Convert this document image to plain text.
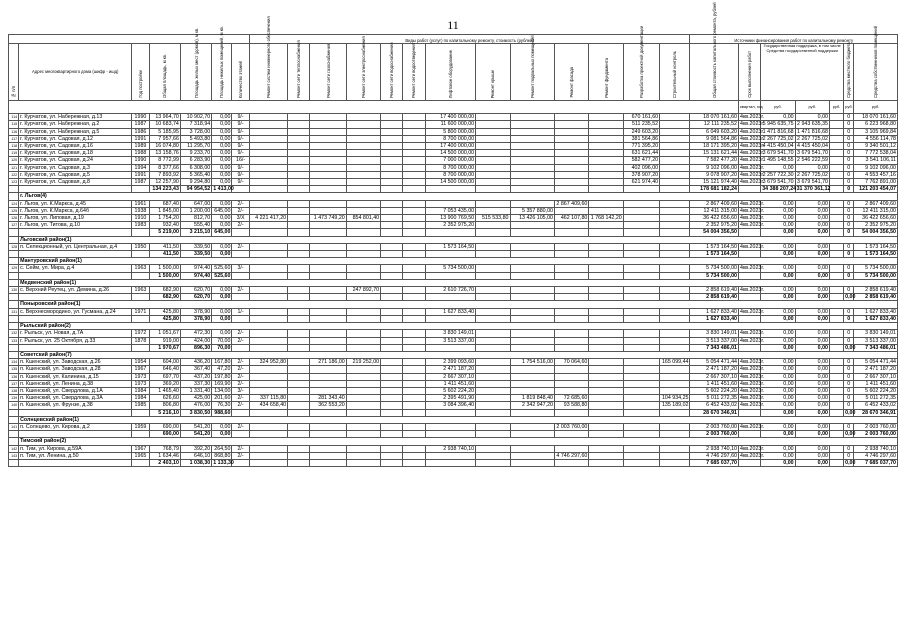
11
							Виды работ (услуг) по капитальному ремонту, стоимость (рублей)													Источники финансирования работ по капитальному ремонту						
№ п/п	Адрес многоквартирного дома (шифр - ишд)	Год постройки	Общая площадь, м кв.	Площадь жилых мест (домов), м кв.	Площадь нежилых помещений, м кв.	Количество этажей	Ремонт систем инженерного обеспечения	Ремонт сети теплоснабжения	Ремонт сети газоснабжения	Ремонт сети электроснабжения	Ремонт сети водоснабжения	Ремонт сети водоотведения	Лифтовое оборудование	Ремонт крыши	Ремонт подвальных помещений	Ремонт фасада	Ремонт фундамента	Разработка проектной документации	Строительный контроль	Общая стоимость капитального ремонта, рублей	Срок выполнения работ	Государственная поддержка, в том числе
Средства государственной поддержки			Средства местного бюджета	Средства собственников помещений
																					квартал, год	руб.	руб.	руб.	руб.	руб.
114	г. Курчатов, ул. Набережная, д.13	1990	13 964,70	10 902,70	0,00	9/-							17 400 000,00					670 161,60		18 070 161,60	4кв.2023г.	0,00	0,00		0	18 070 161,60
115	г. Курчатов, ул. Набережная, д.2	1987	10 683,74	7 318,94	0,00	9/-							11 600 000,00					511 235,52		12 111 235,52	4кв.2023г.	5 945 635,75	2 943 635,35		0	6 223 968,80
116	г. Курчатов, ул. Набережная, д.5	1986	5 185,95	3 728,00	0,00	9/-							5 800 000,00					249 603,20		6 049 603,20	4кв.2023г.	1 471 816,68	1 471 816,68		0	3 105 969,84
117	г. Курчатов, ул. Садовая, д.12	1991	7 957,66	5 493,80	0,00	9/-							8 700 000,00					381 564,86		9 081 564,86	4кв.2023г.	2 267 725,02	2 267 725,02		0	4 556 114,78
118	г. Курчатов, ул. Садовая, д.16	1989	16 074,80	11 295,70	0,00	9/-							17 400 000,00					771 395,20		18 171 395,20	4кв.2023г.	4 415 450,04	4 415 450,04		0	9 340 501,12
119	г. Курчатов, ул. Садовая, д.18	1988	13 158,76	9 233,70	0,00	9/-							14 500 000,00					631 621,44		15 131 621,44	4кв.2023г.	3 679 541,70	3 679 541,70		0	7 772 538,04
120	г. Курчатов, ул. Садовая, д.24	1990	8 772,99	6 283,90	0,00	16/-							7 000 000,00					582 477,20		7 582 477,20	4кв.2023г.	1 495 148,55	2 546 222,59		0	3 541 106,11
121	г. Курчатов, ул. Садовая, д.3	1994	8 377,66	6 308,00	0,00	9/-							8 700 000,00					402 096,00		9 102 096,00	4кв.2023г.	0,00	0,00		0	9 102 096,00
122	г. Курчатов, ул. Садовая, д.5	1991	7 893,92	5 365,40	0,00	9/-							8 700 000,00					378 907,20		9 078 907,20	4кв.2023г.	2 257 722,30	2 267 725,02		0	4 553 457,16
123	г. Курчатов, ул. Садовая, д.8	1987	12 257,90	9 294,80	0,00	9/-							14 500 000,00					621 974,40		15 121 974,40	4кв.2023г.	3 679 541,70	3 679 541,70		0	7 762 891,00
			134 223,43	94 954,52	1 413,00															178 681 182,24		34 388 207,24	31 370 361,12		0	121 203 454,07
	г. Льгов(4)																									
124	г. Льгов, ул. К.Маркса, д.45	1961	687,40	647,00	0,00	2/-										2 867 409,60				2 867 409,60	4кв.2023г.	0,00	0,00		0	2 867 409,60
125	г. Льгов, ул. К.Маркса, д.64б	1938	1 845,00	1 200,00	645,00	2/-							7 053 435,00		5 357 880,00					12 411 315,00	4кв.2023г.	0,00	0,00		0	12 411 315,00
126	г. Льгов, ул. Липовая, д.19	1910	1 754,20	812,70	0,00	3/Х	4 221 417,20		1 473 749,20	854 801,40			13 900 769,50	515 533,80	13 426 105,00	462 107,80	1 768 142,20			36 422 656,60	4кв.2023г.	0,00	0,00		0	36 422 656,60
127	г. Льгов, ул. Титова, д.10	1983	932,40	555,40	0,00	2/-							2 352 975,20							2 352 975,20	4кв.2023г.	0,00	0,00		0	2 352 975,20
			5 219,00	3 215,10	645,00															54 004 356,50		0,00	0,00		0	54 004 356,50
	Льговский район(1)																									
128	п. Селекционный, ул. Центральная, д.4	1950	411,50	339,50	0,00	2/-							1 573 164,50							1 573 164,50	4кв.2023г.	0,00	0,00		0	1 573 164,50
			411,50	339,50	0,00															1 573 164,50		0,00	0,00		0	1 573 164,50
	Мантуровский район(1)																									
129	с. Сейм, ул. Мира, д.4	1963	1 500,00	974,40	525,60	3/-							5 734 500,00							5 734 500,00	4кв.2023г.	0,00	0,00		0	5 734 500,00
			1 500,00	974,40	525,60															5 734 500,00		0,00	0,00		0	5 734 500,00
	Медвенский район(1)																									
130	с. Верхний Реутец, ул. Демина, д.26	1963	682,90	620,70	0,00	2/-				247 892,70			2 610 726,70							2 858 619,40	4кв.2023г.	0,00	0,00		0	2 858 619,40
			682,90	620,70	0,00															2 858 619,40		0,00	0,00		0,00	2 858 619,40
	Поныровский район(1)																									
131	с. Верхнесмородино, ул. Гусмана, д.24	1971	425,80	378,90	0,00	1/-							1 627 833,40							1 627 833,40	4кв.2023г.	0,00	0,00		0	1 627 833,40
			425,80	378,90	0,00															1 627 833,40		0,00	0,00		0	1 627 833,40
	Рыльский район(2)																									
132	г. Рыльск, ул. Новая, д.7А	1972	1 051,67	472,30	0,00	2/-							3 830 149,01							3 830 149,01	4кв.2023г.	0,00	0,00		0	3 830 149,01
133	г. Рыльск, ул. 25 Октября, д.33	1878	919,00	424,00	70,00	2/-							3 513 337,00							3 513 337,00	4кв.2023г.	0,00	0,00		0	3 513 337,00
			1 970,67	896,30	70,00															7 343 486,01		0,00	0,00		0,00	7 343 486,01
	Советский район(7)																									
134	п. Кшенский, ул. Заводская, д.26	1954	604,00	436,20	167,80	2/-	324 952,80		271 186,00	219 252,00			2 399 093,60		1 754 516,00	70 064,60			165 099,44	5 054 471,44	4кв.2023г.	0,00	0,00		0	5 054 471,44
135	п. Кшенский, ул. Заводская, д.28	1967	646,40	367,40	47,20	2/-							2 471 187,20							2 471 187,20	4кв.2023г.	0,00	0,00		0	2 471 187,20
136	п. Кшенский, ул. Калинина, д.15	1973	697,70	437,20	197,80	2/-							2 667 307,10							2 667 307,10	4кв.2023г.	0,00	0,00		0	2 667 307,10
137	п. Кшенский, ул. Ленина, д.38	1973	369,20	337,30	169,90	2/-							1 411 451,60							1 411 451,60	4кв.2023г.	0,00	0,00		0	1 411 451,60
138	п. Кшенский, ул. Свердлова, д.1А	1984	1 465,40	1 331,40	134,00	3/-							5 602 224,20							5 602 224,20	4кв.2023г.	0,00	0,00		0	5 602 224,20
139	п. Кшенский, ул. Свердлова, д.3А	1984	626,60	425,00	201,60	2/-	337 115,80		281 343,40				2 395 491,90		1 819 848,40	72 685,60			104 934,25	5 011 272,35	4кв.2023г.	0,00	0,00		0	5 011 272,35
140	п. Кшенский, ул. Фрунзе, д.38	1985	806,80	476,00	76,30	2/-	434 658,40		362 553,20				3 084 396,40		2 342 947,20	93 588,80			135 189,02	6 452 433,02	4кв.2023г.	0,00	0,00		0	6 452 433,02
			5 216,10	3 830,50	988,60															28 670 346,91		0,00	0,00		0,00	28 670 346,91
	Солнцевский район(1)																									
141	п. Солнцево, ул. Кирова, д.2	1959	690,00	541,20	0,00	2/-										2 003 760,00				2 003 760,00	4кв.2023г.	0,00	0,00		0	2 003 760,00
			690,00	541,20	0,00															2 003 760,00		0,00	0,00		0,00	2 003 760,00
	Тимский район(2)																									
142	п. Тим, ул. Кирова, д.59А	1967	768,79	392,20	264,50	2/-							2 938 740,10							2 938 740,10	4кв.2023г.	0,00	0,00		0	2 938 740,10
143	п. Тим, ул. Ленина, д.50	1965	1 634,46	646,10	868,80	2/-										4 746 297,60				4 746 297,60	4кв.2023г.	0,00	0,00		0	4 746 297,60
			2 403,10	1 038,30	1 133,30															7 685 037,70		0,00	0,00		0,00	7 685 037,70
